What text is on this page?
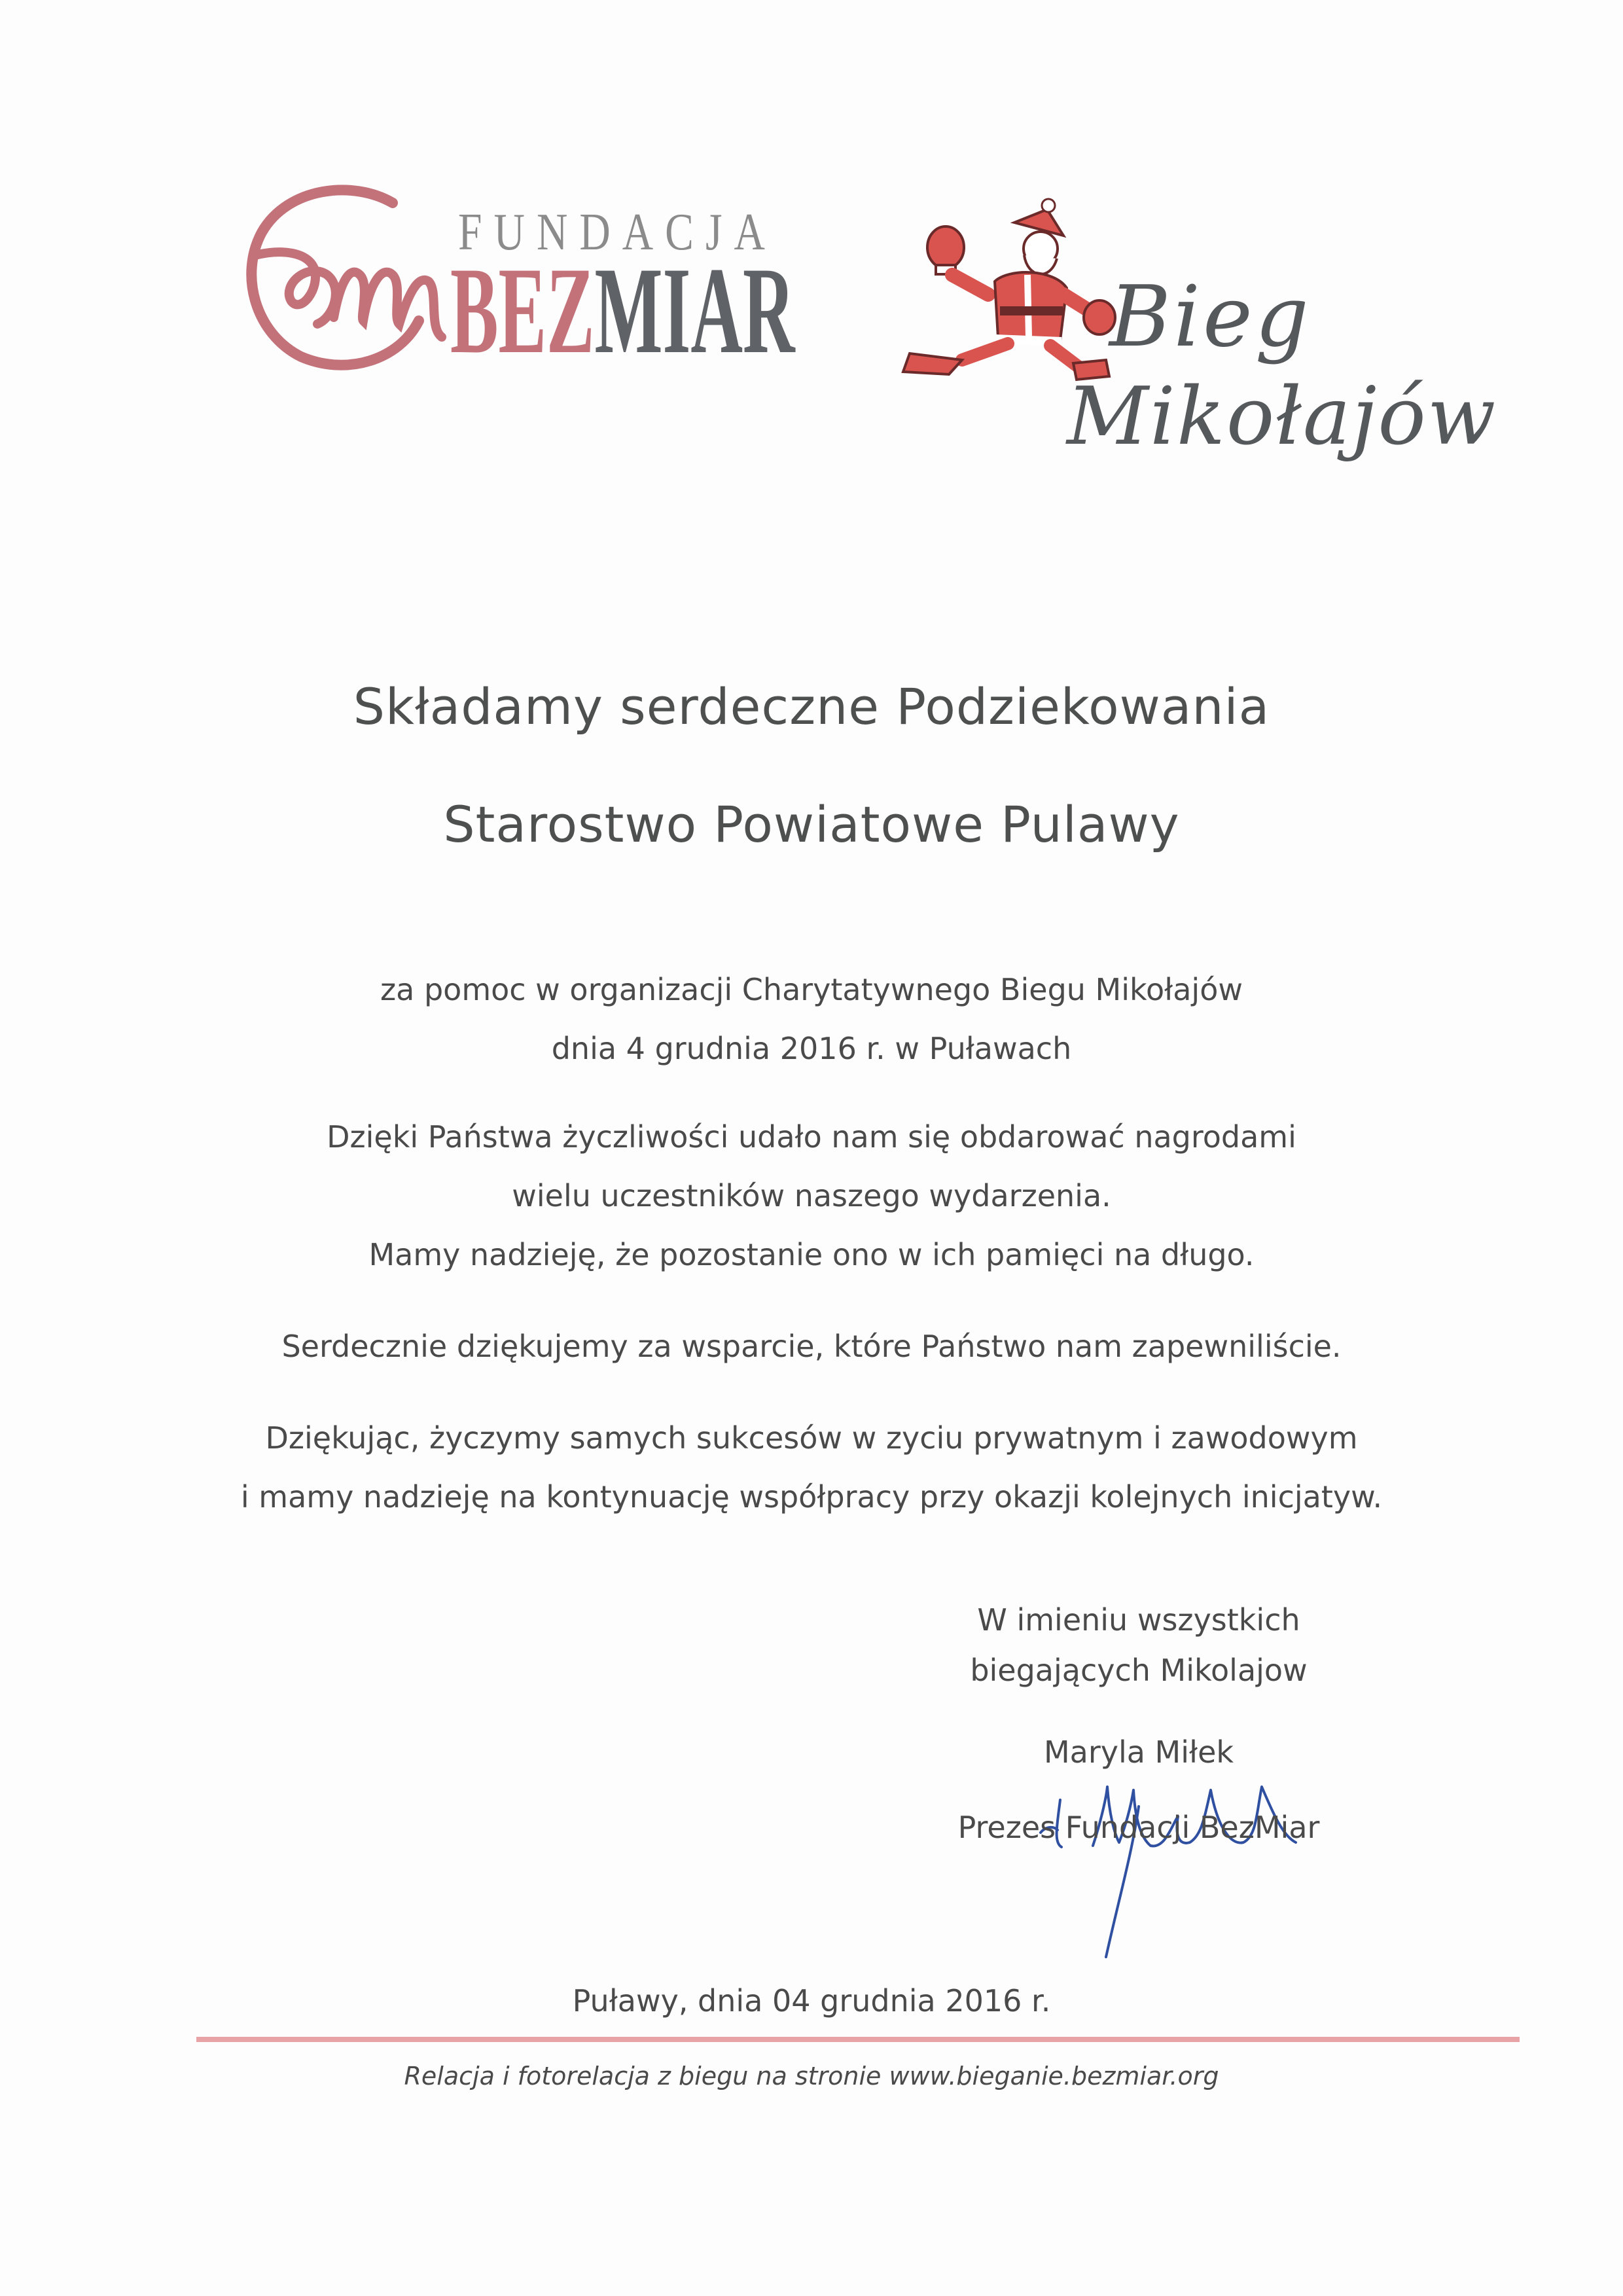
FUNDACJA
BEZMIAR	Bieg
Mikołajów
Składamy serdeczne Podziekowania
Starostwo Powiatowe Pulawy
za pomoc w organizacji Charytatywnego Biegu Mikołajów
dnia 4 grudnia 2016 r. w Puławach
Dzięki Państwa życzliwości udało nam się obdarować nagrodami
wielu uczestników naszego wydarzenia.
Mamy nadzieję, że pozostanie ono w ich pamięci na długo.
Serdecznie dziękujemy za wsparcie, które Państwo nam zapewniliście.
Dziękując, życzymy samych sukcesów w zyciu prywatnym i zawodowym
i mamy nadzieję na kontynuację współpracy przy okazji kolejnych inicjatyw.
W imieniu wszystkich
biegających Mikolajow
Maryla Miłek
Prezes Fundacji BezMiar
Puławy, dnia 04 grudnia 2016 r.
Relacja i fotorelacja z biegu na stronie www.bieganie.bezmiar.org
